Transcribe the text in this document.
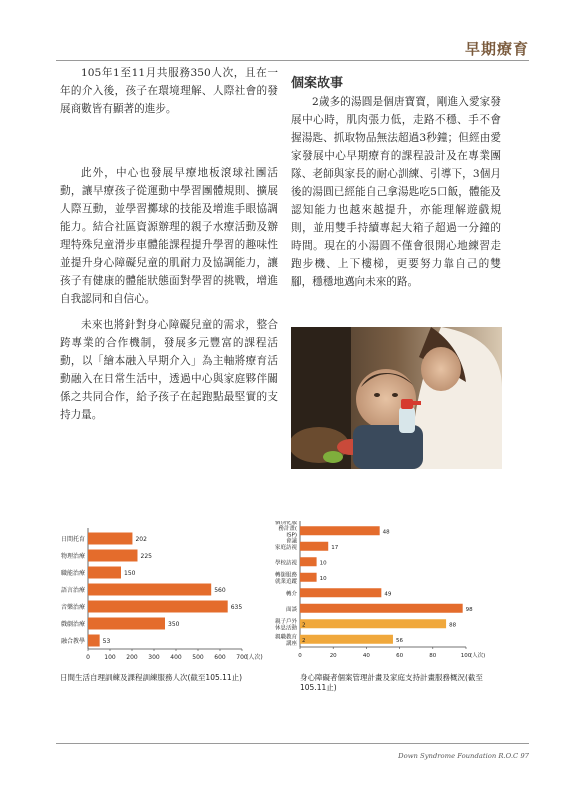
早期療育

105年1至11月共服務350人次，且在一年的介入後，孩子在環境理解、人際社會的發展商數皆有顯著的進步。

此外，中心也發展早療地板滾球社團活動，讓早療孩子從運動中學習團體規則、擴展人際互動，並學習擲球的技能及增進手眼協調能力。結合社區資源辦理的親子水療活動及辦理特殊兒童滑步車體能課程提升學習的趣味性並提升身心障礙兒童的肌耐力及協調能力，讓孩子有健康的體能狀態面對學習的挑戰，增進自我認同和自信心。

未來也將針對身心障礙兒童的需求，整合跨專業的合作機制，發展多元豐富的課程活動，以「繪本融入早期介入」為主軸將療育活動融入在日常生活中，透過中心與家庭夥伴關係之共同合作，給予孩子在起跑點最堅實的支持力量。

個案故事

2歲多的湯圓是個唐寶寶，剛進入愛家發展中心時，肌肉張力低，走路不穩、手不會握湯匙、抓取物品無法超過3秒鐘；但經由愛家發展中心早期療育的課程設計及在專業團隊、老師與家長的耐心訓練、引導下，3個月後的湯圓已經能自己拿湯匙吃5口飯，體能及認知能力也越來越提升，亦能理解遊戲規則，並用雙手持續專起大箱子超過一分鐘的時間。現在的小湯圓不僅會很開心地練習走跑步機、上下樓梯，更要努力靠自己的雙腳，穩穩地邁向未來的路。

日間托育
物理治療
職能治療
語言治療
音樂治療
戲劇治療
融合教學
202
225
150
560
635
350
53
0 100 200 300 400 500 600 700
(人次)
日間生活自理訓練及課程訓練服務人次(截至105.11止)
個別化服務計畫( ISP)會議
家庭訪視
學校訪視
轉銜服務就業追蹤
轉介
面談
親子戶外休息活動
親職教育講座
48
17
10
10
49
98
88
2
56
2
0	20	40	60	80	100
(人次)
身心障礙者個案管理計畫及家庭支持計畫服務概況(截至105.11止)
Down Syndrome Foundation R.O.C 97
